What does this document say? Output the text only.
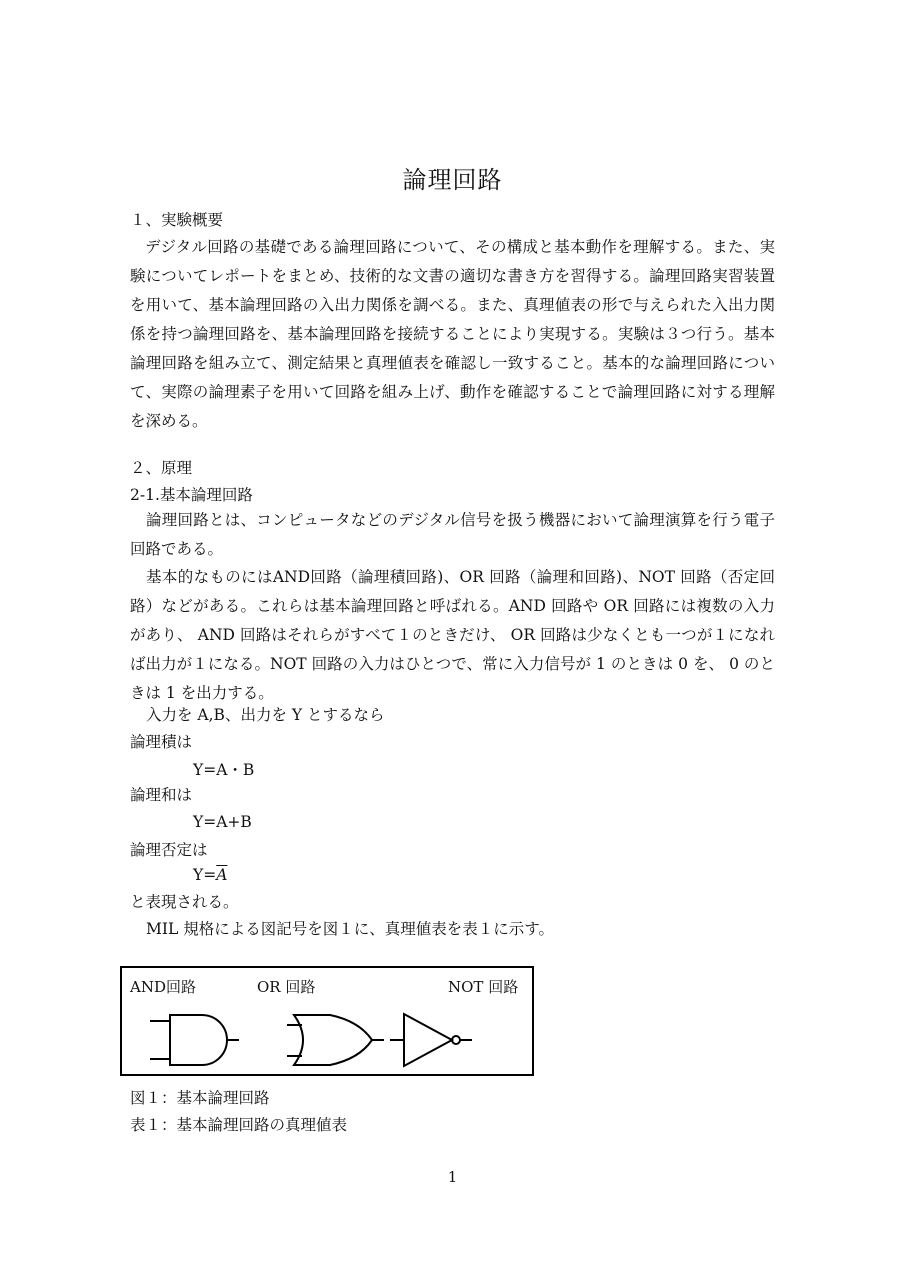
論理回路
１、実験概要
デジタル回路の基礎である論理回路について、その構成と基本動作を理解する。また、実験についてレポートをまとめ、技術的な文書の適切な書き方を習得する。論理回路実習装置を用いて、基本論理回路の入出力関係を調べる。また、真理値表の形で与えられた入出力関係を持つ論理回路を、基本論理回路を接続することにより実現する。実験は３つ行う。基本論理回路を組み立て、測定結果と真理値表を確認し一致すること。基本的な論理回路について、実際の論理素子を用いて回路を組み上げ、動作を確認することで論理回路に対する理解を深める。
２、原理
2-1.基本論理回路
論理回路とは、コンピュータなどのデジタル信号を扱う機器において論理演算を行う電子回路である。
基本的なものにはAND回路（論理積回路)、OR 回路（論理和回路)、NOT 回路（否定回路）などがある。これらは基本論理回路と呼ばれる。AND 回路や OR 回路には複数の入力があり、 AND 回路はそれらがすべて１のときだけ、 OR 回路は少なくとも一つが１になれば出力が１になる。NOT 回路の入力はひとつで、常に入力信号が 1 のときは 0 を、 0 のときは 1 を出力する。
入力を A,B、出力を Y とするなら
論理積は
Y=A・B
論理和は
Y=A+B
論理否定は
$Y=\overline{A}$
と表現される。
MIL 規格による図記号を図１に、真理値表を表１に示す。
AND回路	OR 回路	NOT 回路
図１：基本論理回路
表１：基本論理回路の真理値表
1
